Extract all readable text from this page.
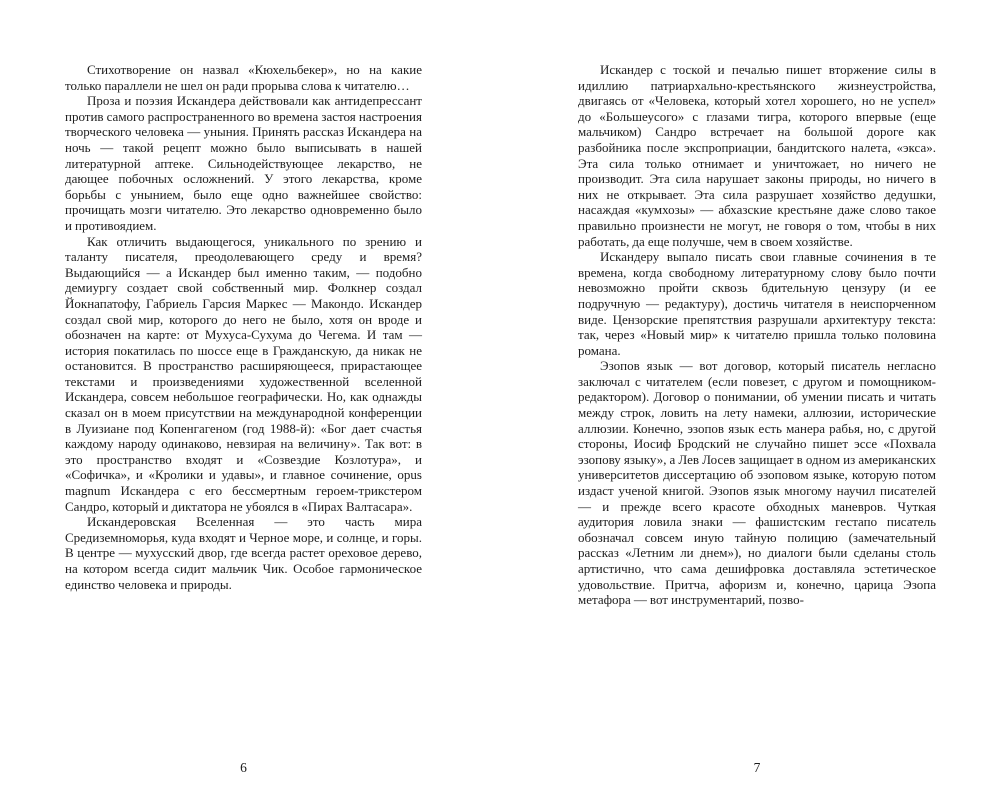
Стихотворение он назвал «Кюхельбекер», но на какие только параллели не шел он ради прорыва слова к читателю…

Проза и поэзия Искандера действовали как антидепрессант против самого распространенного во времена застоя настроения творческого человека — уныния. Принять рассказ Искандера на ночь — такой рецепт можно было выписывать в нашей литературной аптеке. Сильнодействующее лекарство, не дающее побочных осложнений. У этого лекарства, кроме борьбы с унынием, было еще одно важнейшее свойство: прочищать мозги читателю. Это лекарство одновременно было и противоядием.

Как отличить выдающегося, уникального по зрению и таланту писателя, преодолевающего среду и время? Выдающийся — а Искандер был именно таким, — подобно демиургу создает свой собственный мир. Фолкнер создал Йокнапатофу, Габриель Гарсия Маркес — Макондо. Искандер создал свой мир, которого до него не было, хотя он вроде и обозначен на карте: от Мухуса-Сухума до Чегема. И там — история покатилась по шоссе еще в Гражданскую, да никак не остановится. В пространство расширяющееся, прирастающее текстами и произведениями художественной вселенной Искандера, совсем небольшое географически. Но, как однажды сказал он в моем присутствии на международной конференции в Луизиане под Копенгагеном (год 1988-й): «Бог дает счастья каждому народу одинаково, невзирая на величину». Так вот: в это пространство входят и «Созвездие Козлотура», и «Софичка», и «Кролики и удавы», и главное сочинение, opus magnum Искандера с его бессмертным героем-трикстером Сандро, который и диктатора не убоялся в «Пирах Валтасара».

Искандеровская Вселенная — это часть мира Средиземноморья, куда входят и Черное море, и солнце, и горы. В центре — мухусский двор, где всегда растет ореховое дерево, на котором всегда сидит мальчик Чик. Особое гармоническое единство человека и природы.

Искандер с тоской и печалью пишет вторжение силы в идиллию патриархально-крестьянского жизнеустройства, двигаясь от «Человека, который хотел хорошего, но не успел» до «Большеусого» с глазами тигра, которого впервые (еще мальчиком) Сандро встречает на большой дороге как разбойника после экспроприации, бандитского налета, «экса». Эта сила только отнимает и уничтожает, но ничего не производит. Эта сила нарушает законы природы, но ничего в них не открывает. Эта сила разрушает хозяйство дедушки, насаждая «кумхозы» — абхазские крестьяне даже слово такое правильно произнести не могут, не говоря о том, чтобы в них работать, да еще получше, чем в своем хозяйстве.

Искандеру выпало писать свои главные сочинения в те времена, когда свободному литературному слову было почти невозможно пройти сквозь бдительную цензуру (и ее подручную — редактуру), достичь читателя в неиспорченном виде. Цензорские препятствия разрушали архитектуру текста: так, через «Новый мир» к читателю пришла только половина романа.

Эзопов язык — вот договор, который писатель негласно заключал с читателем (если повезет, с другом и помощником-редактором). Договор о понимании, об умении писать и читать между строк, ловить на лету намеки, аллюзии, исторические аллюзии. Конечно, эзопов язык есть манера рабья, но, с другой стороны, Иосиф Бродский не случайно пишет эссе «Похвала эзопову языку», а Лев Лосев защищает в одном из американских университетов диссертацию об эзоповом языке, которую потом издаст ученой книгой. Эзопов язык многому научил писателей — и прежде всего красоте обходных маневров. Чуткая аудитория ловила знаки — фашистским гестапо писатель обозначал совсем иную тайную полицию (замечательный рассказ «Летним ли днем»), но диалоги были сделаны столь артистично, что сама дешифровка доставляла эстетическое удовольствие. Притча, афоризм и, конечно, царица Эзопа метафора — вот инструментарий, позво-

6	7
